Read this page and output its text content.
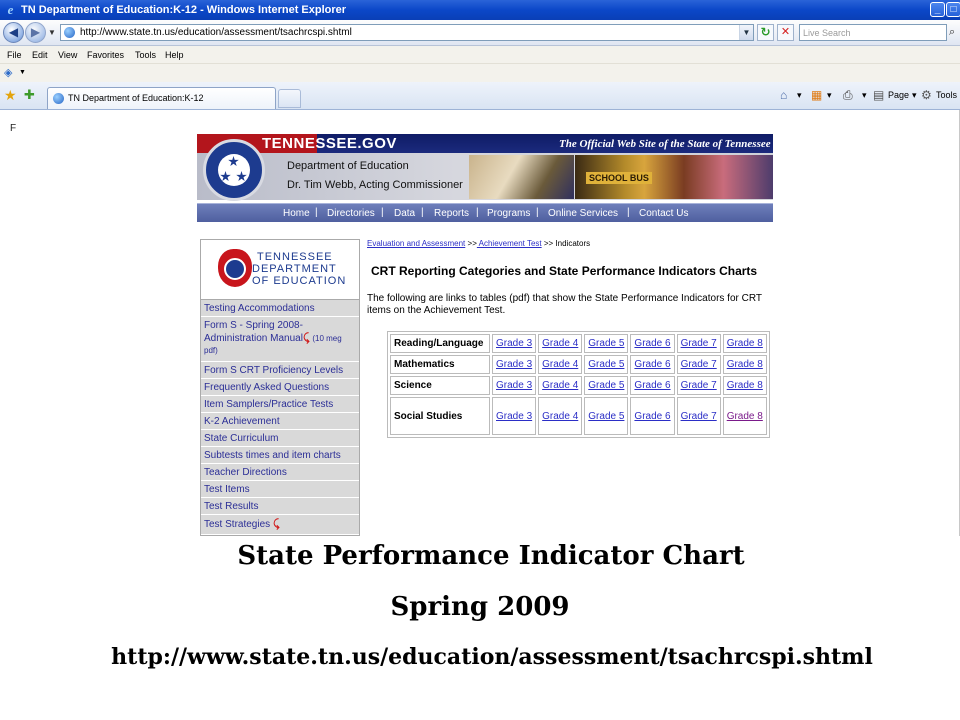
e TN Department of Education:K-12 - Windows Internet Explorer	_	□
◀	▶ ▼ http://www.state.tn.us/education/assessment/tsachrcspi.shtml	▼ ↻ ✕	Live Search	⌕
File Edit View Favorites Tools Help
◈ ▼
★ ✚	TN Department of Education:K-12	⌂ ▾ ▦ ▾ ⎙ ▾ ▤ Page ▾ ⚙ Tools
F
TENNESSEE.GOV	The Official Web Site of the State of Tennessee
Department of Education
Dr. Tim Webb, Acting Commissioner
SCHOOL BUS
Home | Directories | Data | Reports | Programs | Online Services | Contact Us
TENNESSEE
DEPARTMENT
OF EDUCATION
Testing Accommodations
Form S - Spring 2008-
Administration Manual⤹ (10 meg
pdf)
Form S CRT Proficiency Levels
Frequently Asked Questions
Item Samplers/Practice Tests
K-2 Achievement
State Curriculum
Subtests times and item charts
Teacher Directions
Test Items
Test Results
Test Strategies ⤹
Evaluation and Assessment >> Achievement Test >> Indicators
CRT Reporting Categories and State Performance Indicators Charts
The following are links to tables (pdf) that show the State Performance Indicators for CRT items on the Achievement Test.
Reading/Language	Grade 3	Grade 4	Grade 5	Grade 6	Grade 7	Grade 8
Mathematics	Grade 3	Grade 4	Grade 5	Grade 6	Grade 7	Grade 8
Science	Grade 3	Grade 4	Grade 5	Grade 6	Grade 7	Grade 8
Social Studies	Grade 3	Grade 4	Grade 5	Grade 6	Grade 7	Grade 8
State Performance Indicator Chart
Spring 2009
http://www.state.tn.us/education/assessment/tsachrcspi.shtml
